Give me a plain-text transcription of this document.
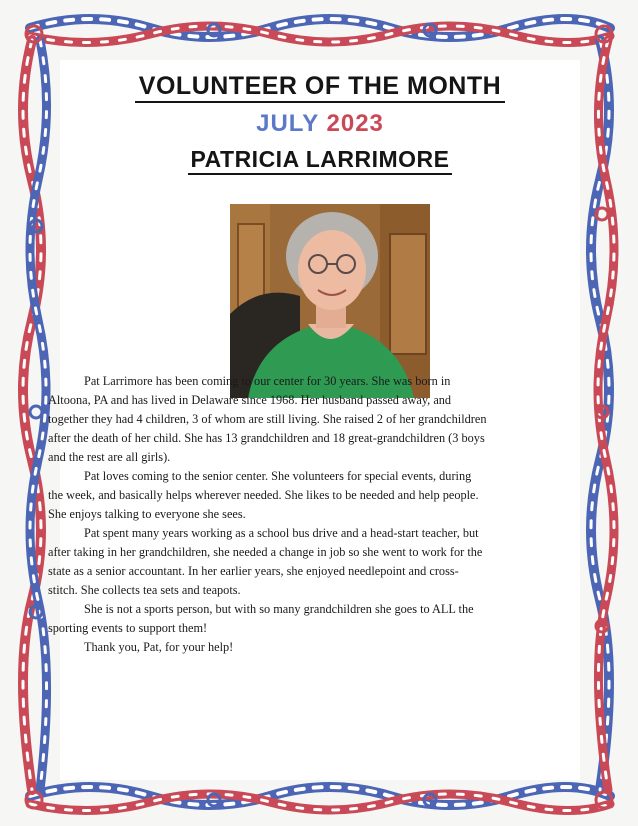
VOLUNTEER OF THE MONTH
JULY 2023
PATRICIA LARRIMORE

Pat Larrimore has been coming to our center for 30 years. She was born in Altoona, PA and has lived in Delaware since 1968. Her husband passed away, and together they had 4 children, 3 of whom are still living. She raised 2 of her grandchildren after the death of her child. She has 13 grandchildren and 18 great-grandchildren (3 boys and the rest are all girls).

Pat loves coming to the senior center. She volunteers for special events, during the week, and basically helps wherever needed. She likes to be needed and help people. She enjoys talking to everyone she sees.

Pat spent many years working as a school bus drive and a head-start teacher, but after taking in her grandchildren, she needed a change in job so she went to work for the state as a senior accountant. In her earlier years, she enjoyed needlepoint and cross-stitch. She collects tea sets and teapots.

She is not a sports person, but with so many grandchildren she goes to ALL the sporting events to support them!

Thank you, Pat, for your help!
